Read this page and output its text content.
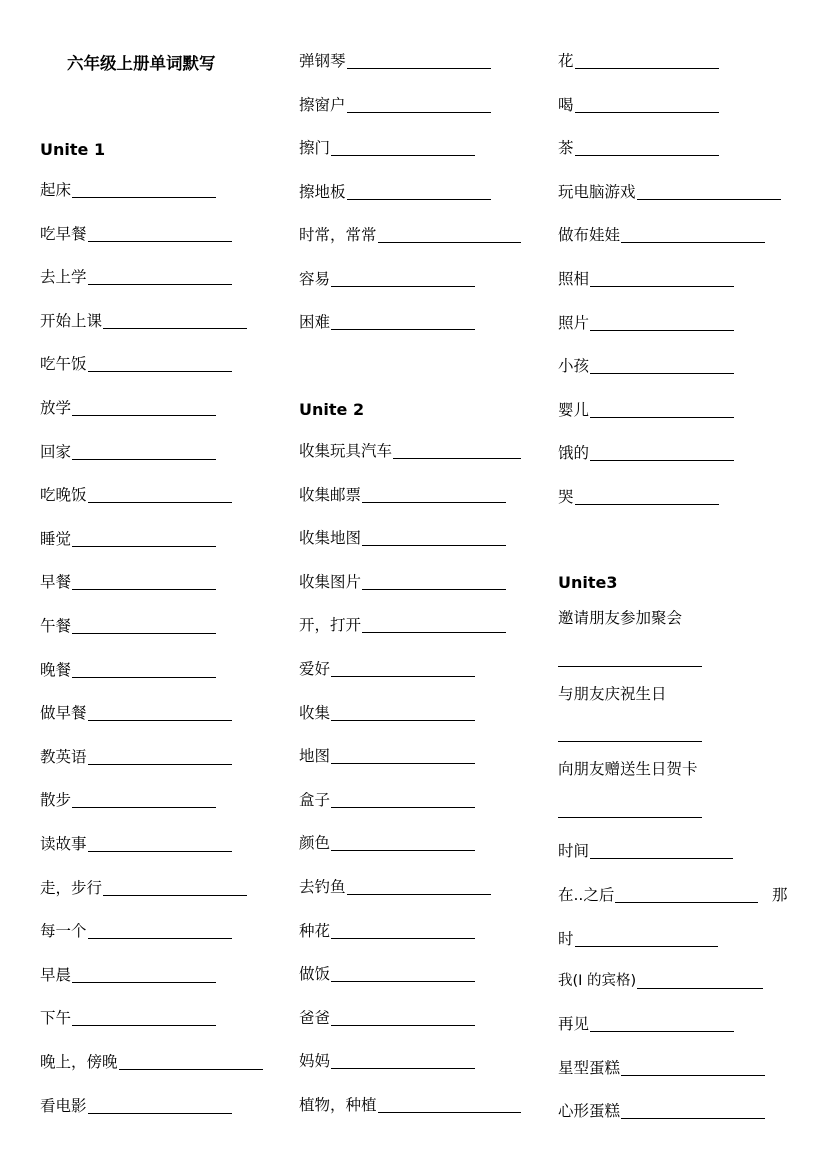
六年级上册单词默写
Unite 1
起床
吃早餐
去上学
开始上课
吃午饭
放学
回家
吃晚饭
睡觉
早餐
午餐
晚餐
做早餐
教英语
散步
读故事
走，步行
每一个
早晨
下午
晚上，傍晚
看电影
弹钢琴
擦窗户
擦门
擦地板
时常，常常
容易
困难
Unite 2
收集玩具汽车
收集邮票
收集地图
收集图片
开，打开
爱好
收集
地图
盒子
颜色
去钓鱼
种花
做饭
爸爸
妈妈
植物，种植
花
喝
茶
玩电脑游戏
做布娃娃
照相
照片
小孩
婴儿
饿的
哭
Unite3
邀请朋友参加聚会
与朋友庆祝生日
向朋友赠送生日贺卡
时间
在..之后	那
时
我(I 的宾格)
再见
星型蛋糕
心形蛋糕
